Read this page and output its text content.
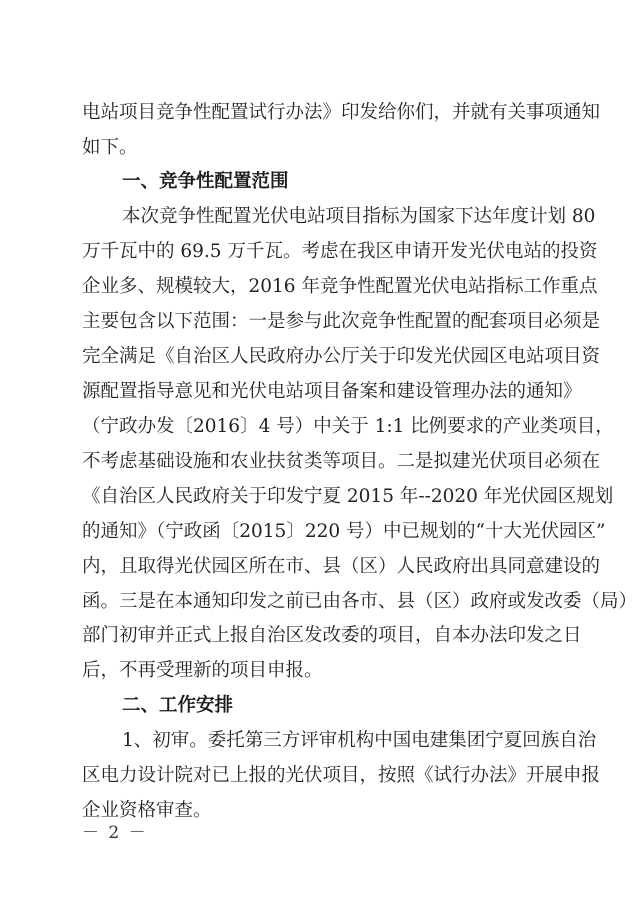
电站项目竞争性配置试行办法》印发给你们，并就有关事项通知
如下。
一、竞争性配置范围
本次竞争性配置光伏电站项目指标为国家下达年度计划 80
万千瓦中的 69.5 万千瓦。考虑在我区申请开发光伏电站的投资
企业多、规模较大，2016 年竞争性配置光伏电站指标工作重点
主要包含以下范围：一是参与此次竞争性配置的配套项目必须是
完全满足《自治区人民政府办公厅关于印发光伏园区电站项目资
源配置指导意见和光伏电站项目备案和建设管理办法的通知》
（宁政办发〔2016〕4 号）中关于 1:1 比例要求的产业类项目，
不考虑基础设施和农业扶贫类等项目。二是拟建光伏项目必须在
《自治区人民政府关于印发宁夏 2015 年--2020 年光伏园区规划
的通知》（宁政函〔2015〕220 号）中已规划的“十大光伏园区”
内，且取得光伏园区所在市、县（区）人民政府出具同意建设的
函。三是在本通知印发之前已由各市、县（区）政府或发改委（局）
部门初审并正式上报自治区发改委的项目，自本办法印发之日
后，不再受理新的项目申报。
二、工作安排
1、初审。委托第三方评审机构中国电建集团宁夏回族自治
区电力设计院对已上报的光伏项目，按照《试行办法》开展申报
企业资格审查。
－ 2 －
